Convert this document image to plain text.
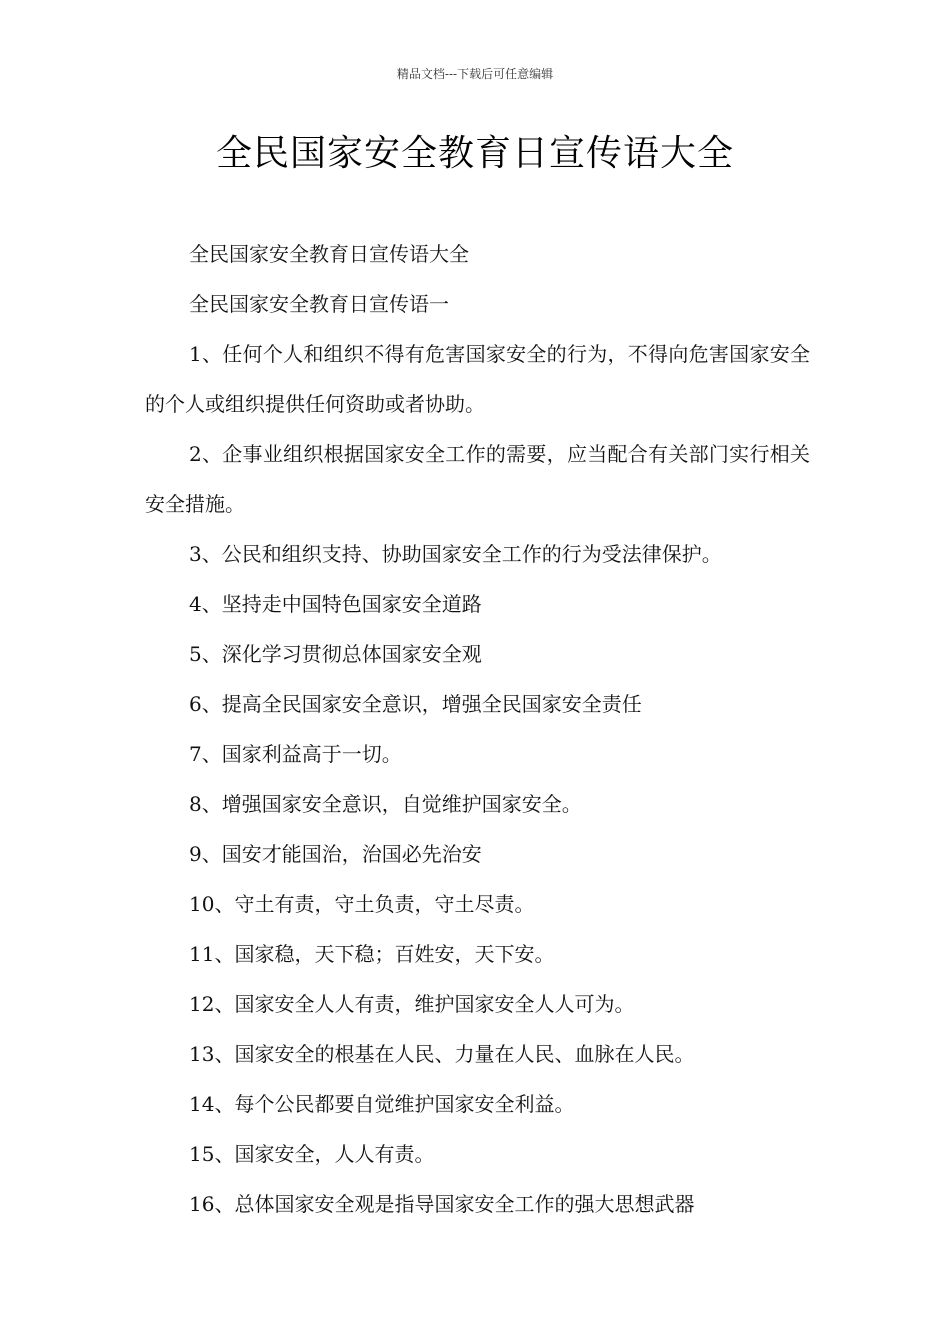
精品文档---下载后可任意编辑
全民国家安全教育日宣传语大全

全民国家安全教育日宣传语大全

全民国家安全教育日宣传语一

1、任何个人和组织不得有危害国家安全的行为，不得向危害国家安全的个人或组织提供任何资助或者协助。

2、企事业组织根据国家安全工作的需要，应当配合有关部门实行相关安全措施。

3、公民和组织支持、协助国家安全工作的行为受法律保护。

4、坚持走中国特色国家安全道路

5、深化学习贯彻总体国家安全观

6、提高全民国家安全意识，增强全民国家安全责任

7、国家利益高于一切。

8、增强国家安全意识，自觉维护国家安全。

9、国安才能国治，治国必先治安

10、守土有责，守土负责，守土尽责。

11、国家稳，天下稳；百姓安，天下安。

12、国家安全人人有责，维护国家安全人人可为。

13、国家安全的根基在人民、力量在人民、血脉在人民。

14、每个公民都要自觉维护国家安全利益。

15、国家安全，人人有责。

16、总体国家安全观是指导国家安全工作的强大思想武器
